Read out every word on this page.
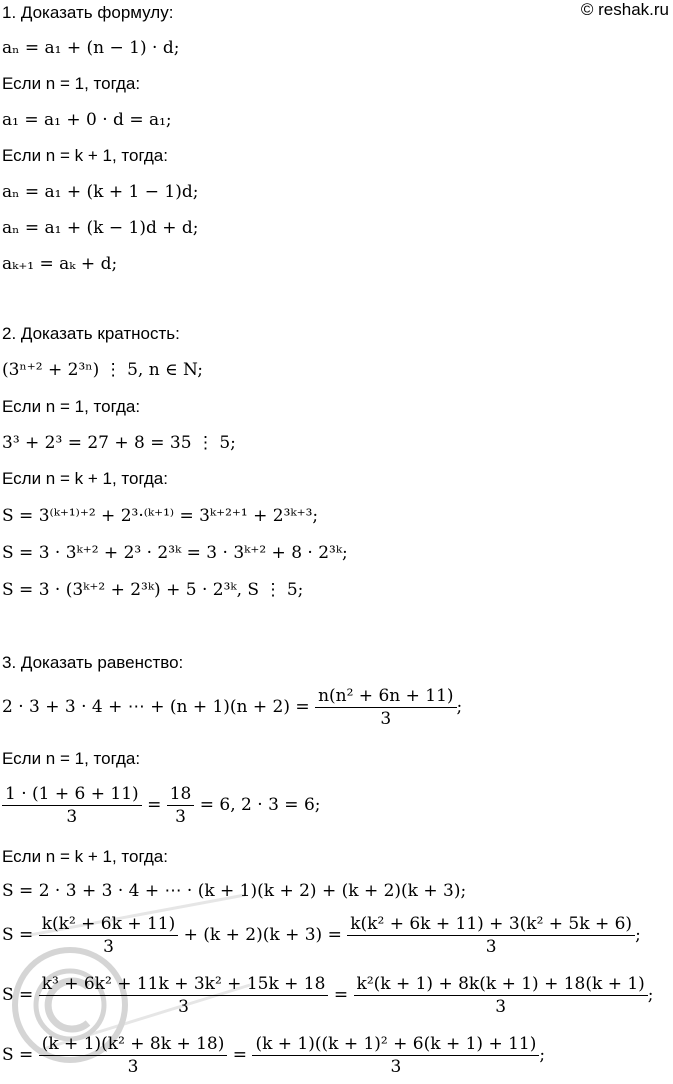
© reshak.ru
1. Доказать формулу:
aₙ = a₁ + (n − 1) · d;
Если n = 1, тогда:
a₁ = a₁ + 0 · d = a₁;
Если n = k + 1, тогда:
aₙ = a₁ + (k + 1 − 1)d;
aₙ = a₁ + (k − 1)d + d;
aₖ₊₁ = aₖ + d;
2. Доказать кратность:
(3ⁿ⁺² + 2³ⁿ) ⋮ 5, n ∈ N;
Если n = 1, тогда:
3³ + 2³ = 27 + 8 = 35 ⋮ 5;
Если n = k + 1, тогда:
S = 3⁽ᵏ⁺¹⁾⁺² + 2³·⁽ᵏ⁺¹⁾ = 3ᵏ⁺²⁺¹ + 2³ᵏ⁺³;
S = 3 · 3ᵏ⁺² + 2³ · 2³ᵏ = 3 · 3ᵏ⁺² + 8 · 2³ᵏ;
S = 3 · (3ᵏ⁺² + 2³ᵏ) + 5 · 2³ᵏ, S ⋮ 5;
3. Доказать равенство:
2 · 3 + 3 · 4 + ⋯ + $(n + 1)(n + 2) = \frac{\text{n(n² + 6n + 11)}}{3}$ ;
Если n = 1, тогда:
$\frac{1 \cdot (1 + 6 + 11)}{3} = \frac{18}{3} = 6$, 2 · 3 = 6;
Если n = k + 1, тогда:
S = 2 · 3 + 3 · 4 + ⋯ · (k + 1)(k + 2) + (k + 2)(k + 3);
$S = \frac{\text{k(k² + 6k + 11)}}{3} + (k + 2)(k + 3) = \frac{\text{k(k² + 6k + 11) + 3(k² + 5k + 6)}}{3}$ ;
$S = \frac{\text{k³ + 6k² + 11k + 3k² + 15k + 18}}{3} = \frac{\text{k²(k + 1) + 8k(k + 1) + 18(k + 1)}}{3}$ ;
$S = \frac{\text{(k + 1)(k² + 8k + 18)}}{3} = \frac{\text{(k + 1)((k + 1)² + 6(k + 1) + 11)}}{3}$ ;
